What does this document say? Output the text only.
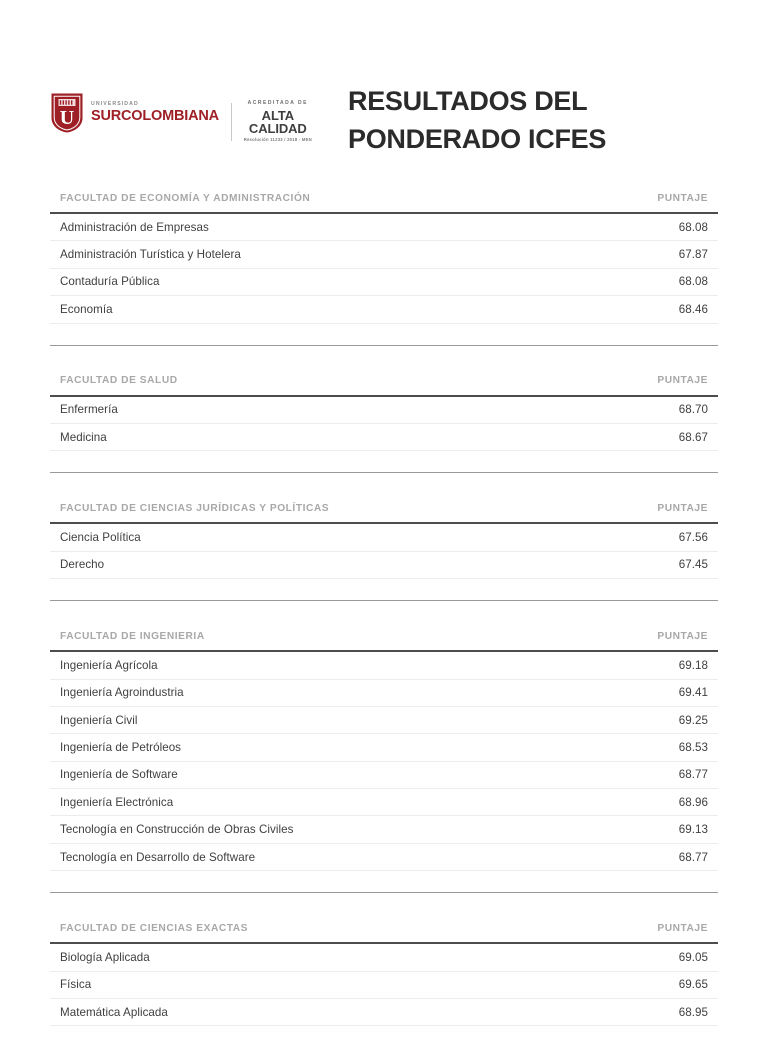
U
UNIVERSIDAD
SURCOLOMBIANA
ACREDITADA DE
ALTA CALIDAD
Resolución 11233 / 2018 - MEN
RESULTADOS DEL PONDERADO ICFES
FACULTAD DE ECONOMÍA Y ADMINISTRACIÓN	PUNTAJE
Administración de Empresas	68.08
Administración Turística y Hotelera	67.87
Contaduría Pública	68.08
Economía	68.46
FACULTAD DE SALUD	PUNTAJE
Enfermería	68.70
Medicina	68.67
FACULTAD DE CIENCIAS JURÍDICAS Y POLÍTICAS	PUNTAJE
Ciencia Política	67.56
Derecho	67.45
FACULTAD DE INGENIERIA	PUNTAJE
Ingeniería Agrícola	69.18
Ingeniería Agroindustria	69.41
Ingeniería Civil	69.25
Ingeniería de Petróleos	68.53
Ingeniería de Software	68.77
Ingeniería Electrónica	68.96
Tecnología en Construcción de Obras Civiles	69.13
Tecnología en Desarrollo de Software	68.77
FACULTAD DE CIENCIAS EXACTAS	PUNTAJE
Biología Aplicada	69.05
Física	69.65
Matemática Aplicada	68.95
